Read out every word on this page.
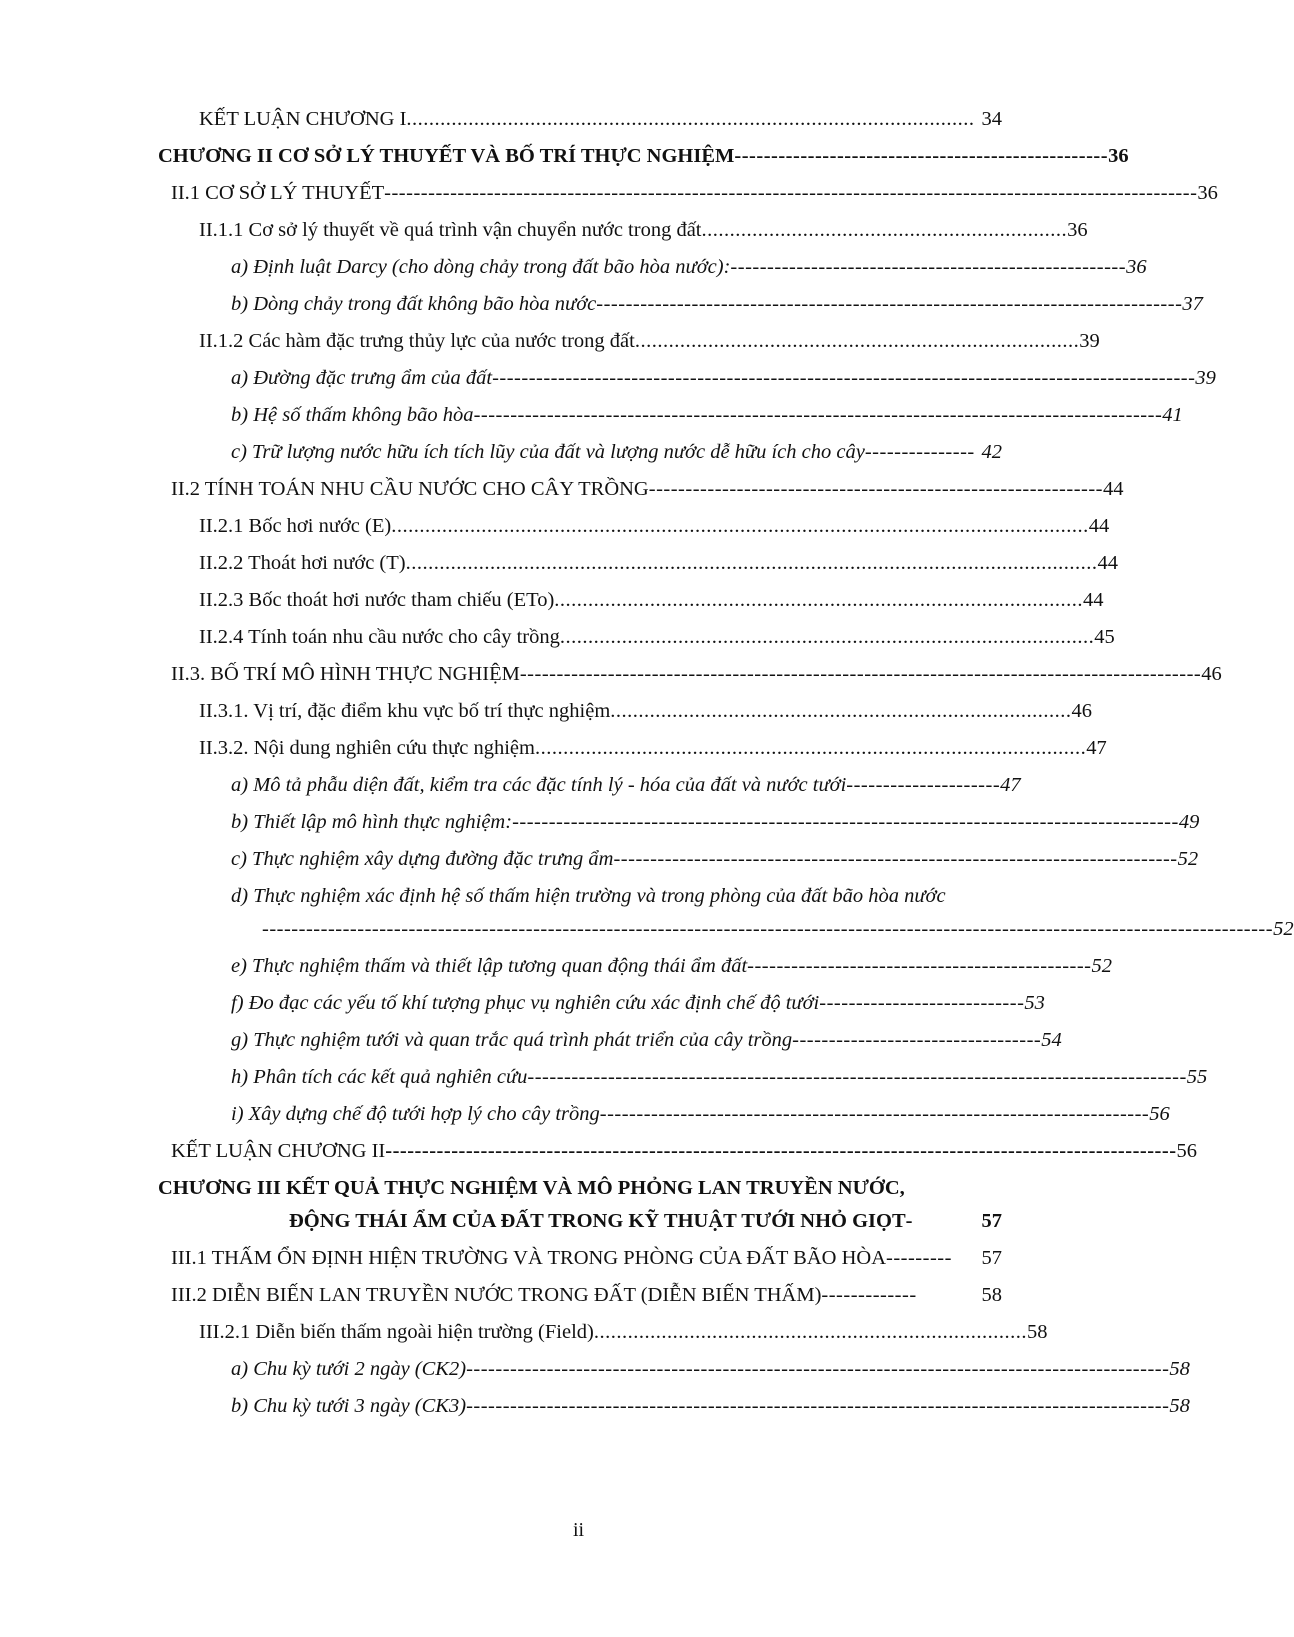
KẾT LUẬN CHƯƠNG I ..................................................................................................... 34
CHƯƠNG II CƠ SỞ LÝ THUYẾT VÀ BỐ TRÍ THỰC NGHIỆM --------------------------------------------------- 36
II.1 CƠ SỞ LÝ THUYẾT --------------------------------------------------------------------------------------------------------------- 36
II.1.1 Cơ sở lý thuyết về quá trình vận chuyển nước trong đất ................................................................. 36
a) Định luật Darcy (cho dòng chảy trong đất bão hòa nước): ------------------------------------------------------ 36
b) Dòng chảy trong đất không bão hòa nước -------------------------------------------------------------------------------- 37
II.1.2 Các hàm đặc trưng thủy lực của nước trong đất ............................................................................... 39
a) Đường đặc trưng ẩm của đất ------------------------------------------------------------------------------------------------ 39
b) Hệ số thấm không bão hòa ---------------------------------------------------------------------------------------------- 41
c) Trữ lượng nước hữu ích tích lũy của đất và lượng nước dễ hữu ích cho cây --------------- 42
II.2 TÍNH TOÁN NHU CẦU NƯỚC CHO CÂY TRỒNG -------------------------------------------------------------- 44
II.2.1 Bốc hơi nước (E) ............................................................................................................................ 44
II.2.2 Thoát hơi nước (T) ........................................................................................................................... 44
II.2.3 Bốc thoát hơi nước tham chiếu (ETo) .............................................................................................. 44
II.2.4 Tính toán nhu cầu nước cho cây trồng ............................................................................................... 45
II.3. BỐ TRÍ MÔ HÌNH THỰC NGHIỆM --------------------------------------------------------------------------------------------- 46
II.3.1. Vị trí, đặc điểm khu vực bố trí thực nghiệm .................................................................................. 46
II.3.2. Nội dung nghiên cứu thực nghiệm .................................................................................................. 47
a) Mô tả phẫu diện đất, kiểm tra các đặc tính lý - hóa của đất và nước tưới --------------------- 47
b) Thiết lập mô hình thực nghiệm: ------------------------------------------------------------------------------------------- 49
c) Thực nghiệm xây dựng đường đặc trưng ẩm ----------------------------------------------------------------------------- 52
d) Thực nghiệm xác định hệ số thấm hiện trường và trong phòng của đất bão hòa nước
------------------------------------------------------------------------------------------------------------------------------------------ 52
e) Thực nghiệm thấm và thiết lập tương quan động thái ẩm đất ----------------------------------------------- 52
f) Đo đạc các yếu tố khí tượng phục vụ nghiên cứu xác định chế độ tưới ---------------------------- 53
g) Thực nghiệm tưới và quan trắc quá trình phát triển của cây trồng ---------------------------------- 54
h) Phân tích các kết quả nghiên cứu ------------------------------------------------------------------------------------------ 55
i) Xây dựng chế độ tưới hợp lý cho cây trồng --------------------------------------------------------------------------- 56
KẾT LUẬN CHƯƠNG II ------------------------------------------------------------------------------------------------------------ 56
CHƯƠNG III KẾT QUẢ THỰC NGHIỆM VÀ MÔ PHỎNG LAN TRUYỀN NƯỚC,
ĐỘNG THÁI ẨM CỦA ĐẤT TRONG KỸ THUẬT TƯỚI NHỎ GIỌT -	57
III.1 THẤM ỔN ĐỊNH HIỆN TRƯỜNG VÀ TRONG PHÒNG CỦA ĐẤT BÃO HÒA ---------	57
III.2 DIỄN BIẾN LAN TRUYỀN NƯỚC TRONG ĐẤT (DIỄN BIẾN THẤM) -------------	58
III.2.1 Diễn biến thấm ngoài hiện trường (Field) ............................................................................. 58
a) Chu kỳ tưới 2 ngày (CK2) ------------------------------------------------------------------------------------------------ 58
b) Chu kỳ tưới 3 ngày (CK3) ------------------------------------------------------------------------------------------------ 58
ii
